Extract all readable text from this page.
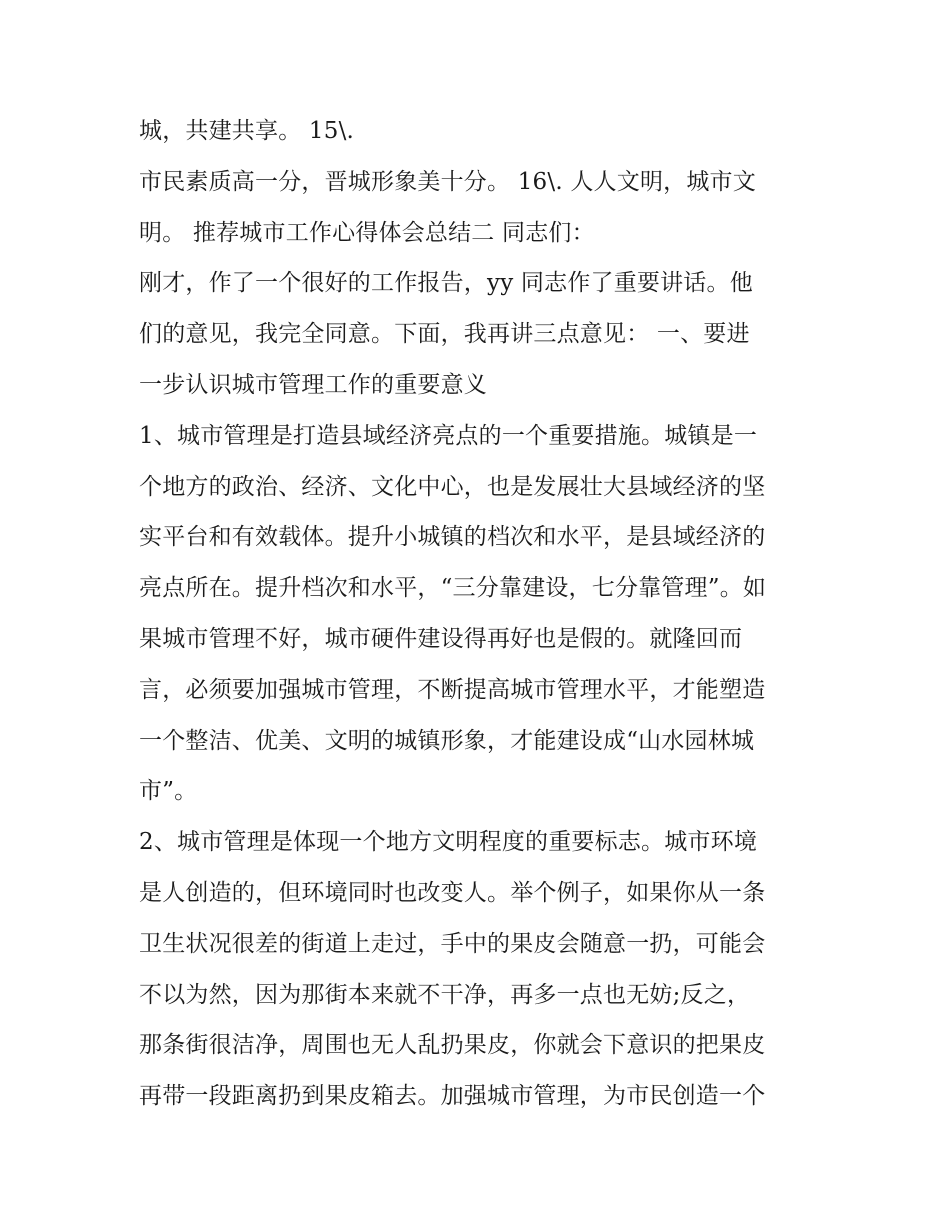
城，共建共享。 15\.

市民素质高一分，晋城形象美十分。 16\. 人人文明，城市文

明。 推荐城市工作心得体会总结二 同志们：

刚才，作了一个很好的工作报告，yy 同志作了重要讲话。他

们的意见，我完全同意。下面，我再讲三点意见： 一、要进

一步认识城市管理工作的重要意义

1、城市管理是打造县域经济亮点的一个重要措施。城镇是一

个地方的政治、经济、文化中心，也是发展壮大县域经济的坚

实平台和有效载体。提升小城镇的档次和水平，是县域经济的

亮点所在。提升档次和水平，“三分靠建设，七分靠管理”。如

果城市管理不好，城市硬件建设得再好也是假的。就隆回而

言，必须要加强城市管理，不断提高城市管理水平，才能塑造

一个整洁、优美、文明的城镇形象，才能建设成“山水园林城

市”。

2、城市管理是体现一个地方文明程度的重要标志。城市环境

是人创造的，但环境同时也改变人。举个例子，如果你从一条

卫生状况很差的街道上走过，手中的果皮会随意一扔，可能会

不以为然，因为那街本来就不干净，再多一点也无妨;反之，

那条街很洁净，周围也无人乱扔果皮，你就会下意识的把果皮

再带一段距离扔到果皮箱去。加强城市管理，为市民创造一个
